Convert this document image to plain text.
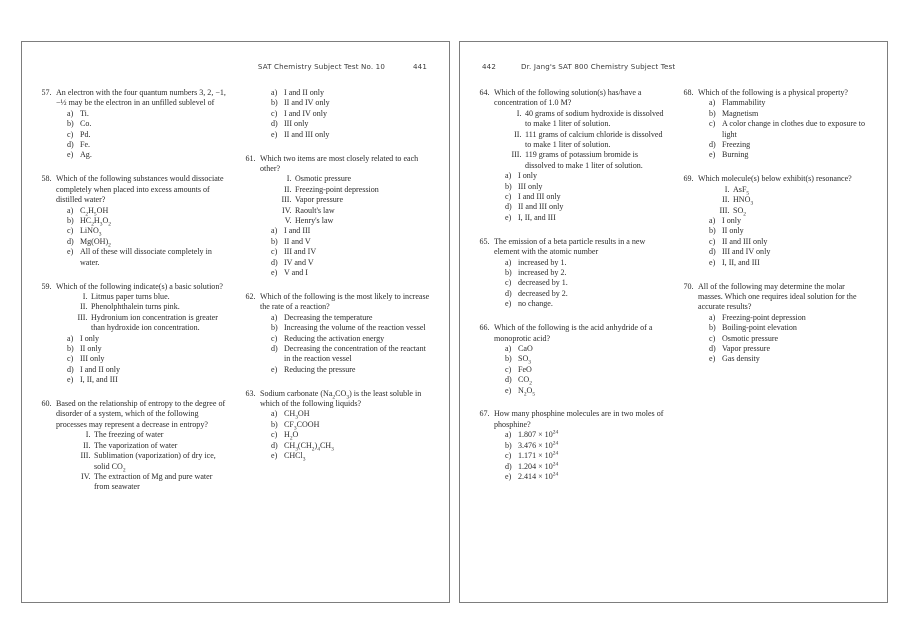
SAT Chemistry Subject Test No. 10	441
57. An electron with the four quantum numbers 3, 2, −1, −½ may be the electron in an unfilled sublevel of

a) Ti.
b) Co.
c) Pd.
d) Fe.
e) Ag.
58. Which of the following substances would dissociate completely when placed into excess amounts of distilled water?

a) $C_2H_5OH$
b) $HC_2H_3O_2$
c) LiNO$_3$
d) $Mg(OH)_2$
e) All of these will dissociate completely in water.
59. Which of the following indicate(s) a basic solution?

I. Litmus paper turns blue.
II. Phenolphthalein turns pink.
III. Hydronium ion concentration is greater than hydroxide ion concentration.
a) I only
b) II only
c) III only
d) I and II only
e) I, II, and III
60. Based on the relationship of entropy to the degree of disorder of a system, which of the following processes may represent a decrease in entropy?

I. The freezing of water
II. The vaporization of water
III. Sublimation (vaporization) of dry ice, solid $CO_2$
IV. The extraction of Mg and pure water from seawater
a) I and II only
b) II and IV only
c) I and IV only
d) III only
e) II and III only
61. Which two items are most closely related to each other?

I. Osmotic pressure
II. Freezing-point depression
III. Vapor pressure
IV. Raoult's law
V. Henry's law
a) I and III
b) II and V
c) III and IV
d) IV and V
e) V and I
62. Which of the following is the most likely to increase the rate of a reaction?

a) Decreasing the temperature
b) Increasing the volume of the reaction vessel
c) Reducing the activation energy
d) Decreasing the concentration of the reactant in the reaction vessel
e) Reducing the pressure
63. Sodium carbonate $(Na_2CO_3)$ is the least soluble in which of the following liquids?

a) $CH_3OH$
b) $CF_3COOH$
c) $H_2O$
d) $CH_3(CH_2)_4CH_3$
e) CHCl$_3$
442	Dr. Jang's SAT 800 Chemistry Subject Test
64. Which of the following solution(s) has/have a concentration of 1.0 M?

I. 40 grams of sodium hydroxide is dissolved to make 1 liter of solution.
II. 111 grams of calcium chloride is dissolved to make 1 liter of solution.
III. 119 grams of potassium bromide is dissolved to make 1 liter of solution.
a) I only
b) III only
c) I and III only
d) II and III only
e) I, II, and III
65. The emission of a beta particle results in a new element with the atomic number

a) increased by 1.
b) increased by 2.
c) decreased by 1.
d) decreased by 2.
e) no change.
66. Which of the following is the acid anhydride of a monoprotic acid?

a) CaO
b) $SO_3$
c) FeO
d) $CO_2$
e) $N_2O_5$
67. How many phosphine molecules are in two moles of phosphine?

a) $1.807 \times 10^{24}$
b) $3.476 \times 10^{24}$
c) $1.171 \times 10^{24}$
d) $1.204 \times 10^{24}$
e) $2.414 \times 10^{24}$
68. Which of the following is a physical property?

a) Flammability
b) Magnetism
c) A color change in clothes due to exposure to light
d) Freezing
e) Burning
69. Which molecule(s) below exhibit(s) resonance?

I. AsF$_5$
II. $HNO_3$
III. $SO_2$
a) I only
b) II only
c) II and III only
d) III and IV only
e) I, II, and III
70. All of the following may determine the molar masses. Which one requires ideal solution for the accurate results?

a) Freezing-point depression
b) Boiling-point elevation
c) Osmotic pressure
d) Vapor pressure
e) Gas density
